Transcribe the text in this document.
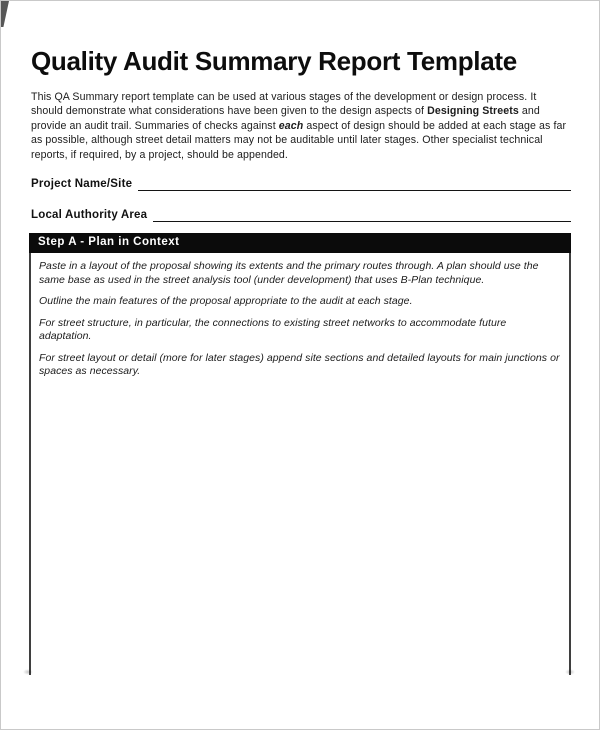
Quality Audit Summary Report Template
This QA Summary report template can be used at various stages of the development or design process. It should demonstrate what considerations have been given to the design aspects of Designing Streets and provide an audit trail. Summaries of checks against each aspect of design should be added at each stage as far as possible, although street detail matters may not be auditable until later stages. Other specialist technical reports, if required, by a project, should be appended.
Project Name/Site
Local Authority Area
Step A - Plan in Context

Paste in a layout of the proposal showing its extents and the primary routes through. A plan should use the same base as used in the street analysis tool (under development) that uses B-Plan technique.

Outline the main features of the proposal appropriate to the audit at each stage.

For street structure, in particular, the connections to existing street networks to accommodate future adaptation.

For street layout or detail (more for later stages) append site sections and detailed layouts for main junctions or spaces as necessary.
